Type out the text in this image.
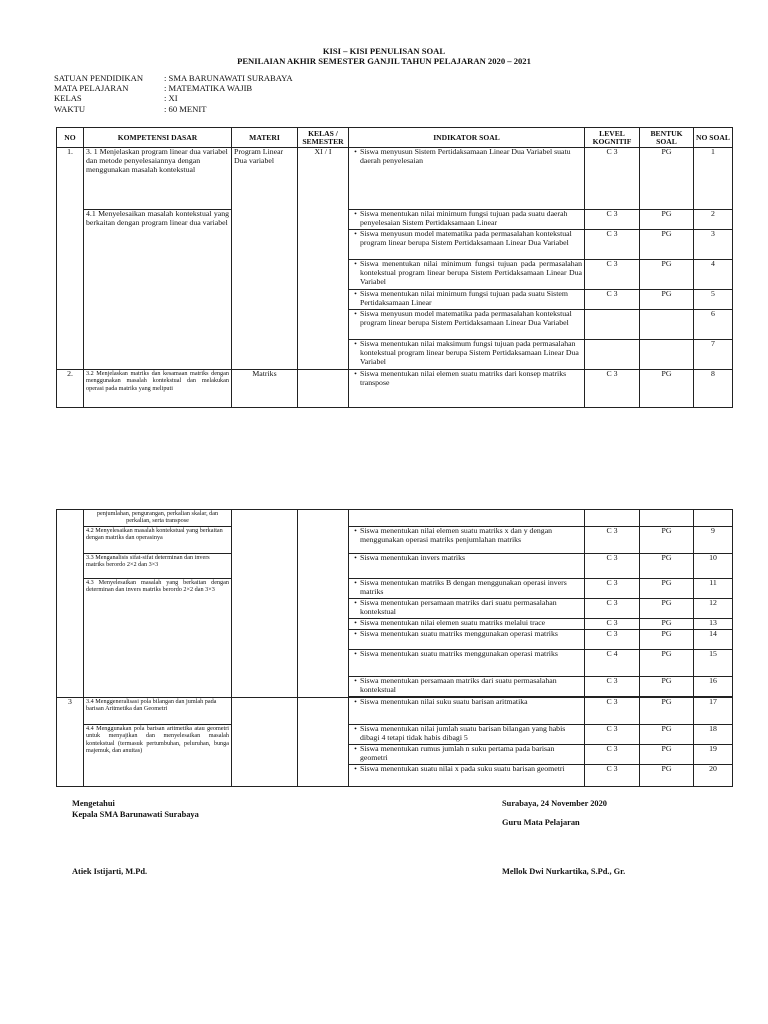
KISI – KISI PENULISAN SOAL
PENILAIAN AKHIR SEMESTER GANJIL TAHUN PELAJARAN 2020 – 2021
SATUAN PENDIDIKAN	: SMA BARUNAWATI SURABAYA
MATA PELAJARAN	: MATEMATIKA WAJIB
KELAS	: XI
WAKTU	: 60 MENIT
NO	KOMPETENSI DASAR	MATERI	KELAS / SEMESTER	INDIKATOR SOAL	LEVEL KOGNITIF	BENTUK SOAL	NO SOAL
1.	3. 1 Menjelaskan program linear dua variabel dan metode penyelesaiannya dengan menggunakan masalah kontekstual	Program Linear Dua variabel	XI / I	• Siswa menyusun Sistem Pertidaksamaan Linear Dua Variabel suatu daerah penyelesaian	C 3	PG	1
	4.1 Menyelesaikan masalah kontekstual yang berkaitan dengan program linear dua variabel			• Siswa menentukan nilai minimum fungsi tujuan pada suatu daerah penyelesaian Sistem Pertidaksamaan Linear	C 3	PG	2

				• Siswa menyusun model matematika pada permasalahan kontekstual program linear berupa Sistem Pertidaksamaan Linear Dua Variabel	C 3	PG	3

				• Siswa menentukan nilai minimum fungsi tujuan pada permasalahan kontekstual program linear berupa Sistem Pertidaksamaan Linear Dua Variabel	C 3	PG	4

				• Siswa menentukan nilai minimum fungsi tujuan pada suatu Sistem Pertidaksamaan Linear	C 3	PG	5

				• Siswa menyusun model matematika pada permasalahan kontekstual program linear berupa Sistem Pertidaksamaan Linear Dua Variabel			6

				• Siswa menentukan nilai maksimum fungsi tujuan pada permasalahan kontekstual program linear berupa Sistem Pertidaksamaan Linear Dua Variabel			7
2.	3.2 Menjelaskan matriks dan kesamaan matriks dengan menggunakan masalah kontekstual dan melakukan operasi pada matriks yang meliputi	Matriks		• Siswa menentukan nilai elemen suatu matriks dari konsep matriks transpose	C 3	PG	8
	penjumlahan, pengurangan, perkalian skalar, dan perkalian, serta transpose						
	4.2 Menyelesaikan masalah kontekstual yang berkaitan dengan matriks dan operasinya			• Siswa menentukan nilai elemen suatu matriks x dan y dengan menggunakan operasi matriks penjumlahan matriks	C 3	PG	9
	3.3 Menganalisis sifat-sifat determinan dan invers matriks berordo 2×2 dan 3×3			• Siswa menentukan invers matriks	C 3	PG	10
	4.3 Menyelesaikan masalah yang berkaitan dengan determinan dan invers matriks berordo 2×2 dan 3×3			• Siswa menentukan matriks B dengan menggunakan operasi invers matriks	C 3	PG	11

				• Siswa menentukan persamaan matriks dari suatu permasalahan kontekstual	C 3	PG	12

				• Siswa menentukan nilai elemen suatu matriks melalui trace	C 3	PG	13

				• Siswa menentukan suatu matriks menggunakan operasi matriks	C 3	PG	14

				• Siswa menentukan suatu matriks menggunakan operasi matriks	C 4	PG	15

				• Siswa menentukan persamaan matriks dari suatu permasalahan kontekstual	C 3	PG	16

3	3.4 Menggeneralisasi pola bilangan dan jumlah pada barisan Aritmetika dan Geometri			• Siswa menentukan nilai suku suatu barisan aritmatika	C 3	PG	17
	4.4 Menggunakan pola barisan aritmetika atau geometri untuk menyajikan dan menyelesaikan masalah kontekstual (termasuk pertumbuhan, peluruhan, bunga majemuk, dan anuitas)			• Siswa menentukan nilai jumlah suatu barisan bilangan yang habis dibagi 4 tetapi tidak habis dibagi 5	C 3	PG	18

				• Siswa menentukan rumus jumlah n suku pertama pada barisan geometri	C 3	PG	19

				• Siswa menentukan suatu nilai x pada suku suatu barisan geometri	C 3	PG	20
Mengetahui
Kepala SMA Barunawati Surabaya
Atiek Istijarti, M.Pd.
Surabaya, 24 November 2020
Guru Mata Pelajaran
Mellok Dwi Nurkartika, S.Pd., Gr.
